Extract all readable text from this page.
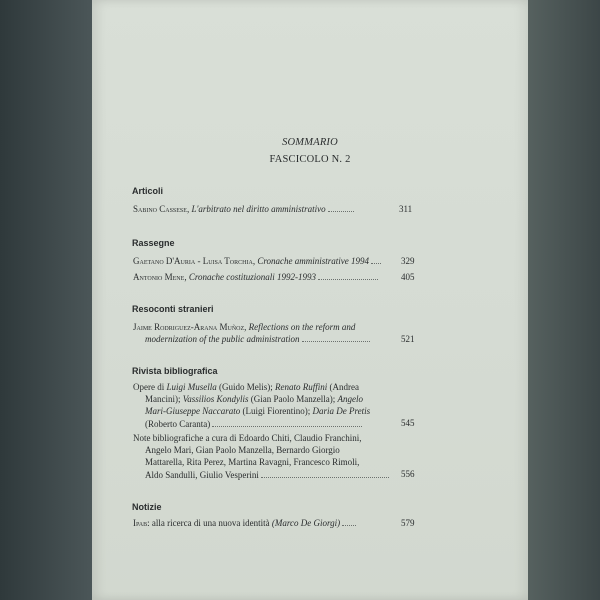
SOMMARIO
FASCICOLO N. 2
Articoli
Sabino Cassese, L'arbitrato nel diritto amministrativo	311
Rassegne
Gaetano D'Auria - Luisa Torchia, Cronache amministrative 1994	329
Antonio Mene, Cronache costituzionali 1992-1993	405
Resoconti stranieri
Jaime Rodriguez-Arana Muñoz, Reflections on the reform and
modernization of the public administration	521
Rivista bibliografica
Opere di Luigi Musella (Guido Melis); Renato Ruffini (Andrea
Mancini); Vassilios Kondylis (Gian Paolo Manzella); Angelo
Mari-Giuseppe Naccarato (Luigi Fiorentino); Daria De Pretis
(Roberto Caranta)	545
Note bibliografiche a cura di Edoardo Chiti, Claudio Franchini,
Angelo Mari, Gian Paolo Manzella, Bernardo Giorgio
Mattarella, Rita Perez, Martina Ravagni, Francesco Rimoli,
Aldo Sandulli, Giulio Vesperini	556
Notizie
Ipab: alla ricerca di una nuova identità (Marco De Giorgi)	579
